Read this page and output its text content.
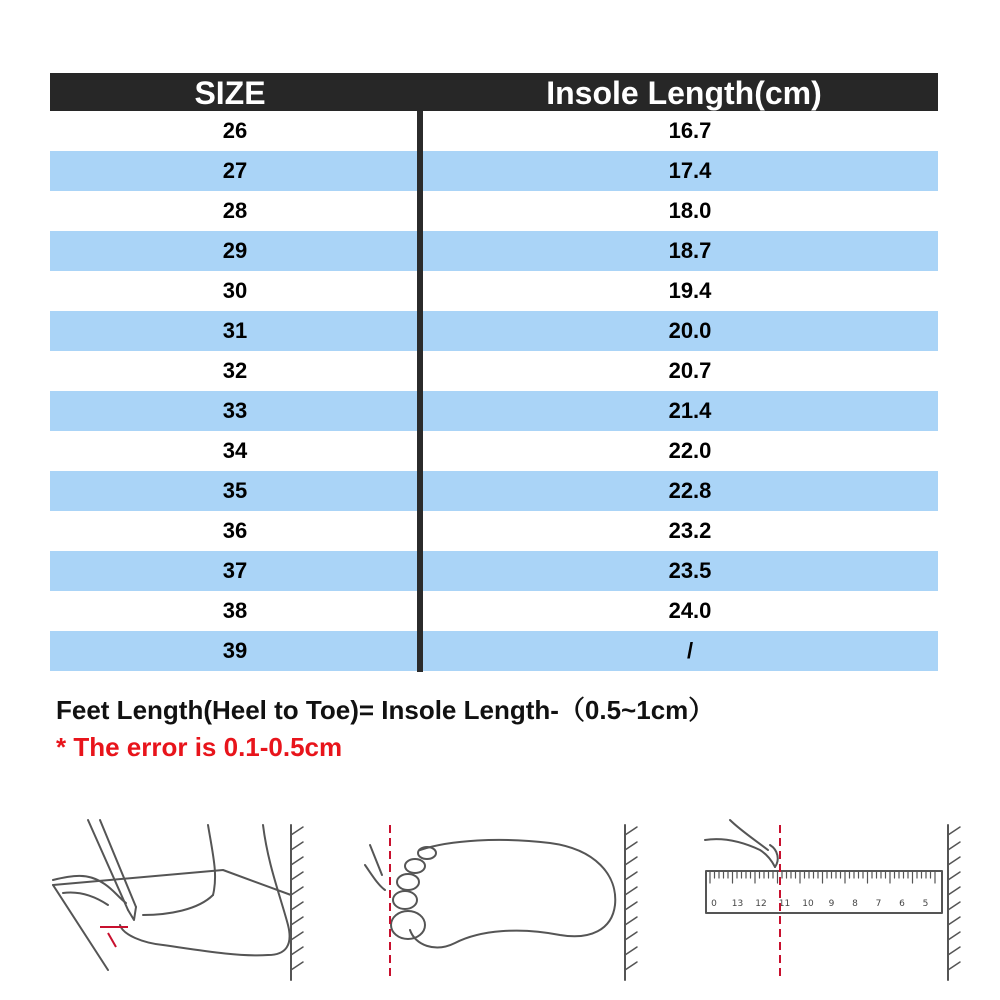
SIZE	Insole Length(cm)
26	16.7
27	17.4
28	18.0
29	18.7
30	19.4
31	20.0
32	20.7
33	21.4
34	22.0
35	22.8
36	23.2
37	23.5
38	24.0
39	/
Feet Length(Heel to Toe)= Insole Length-（0.5~1cm）
* The error is 0.1-0.5cm
0 13 12 11 10 9 8 7 6 5
